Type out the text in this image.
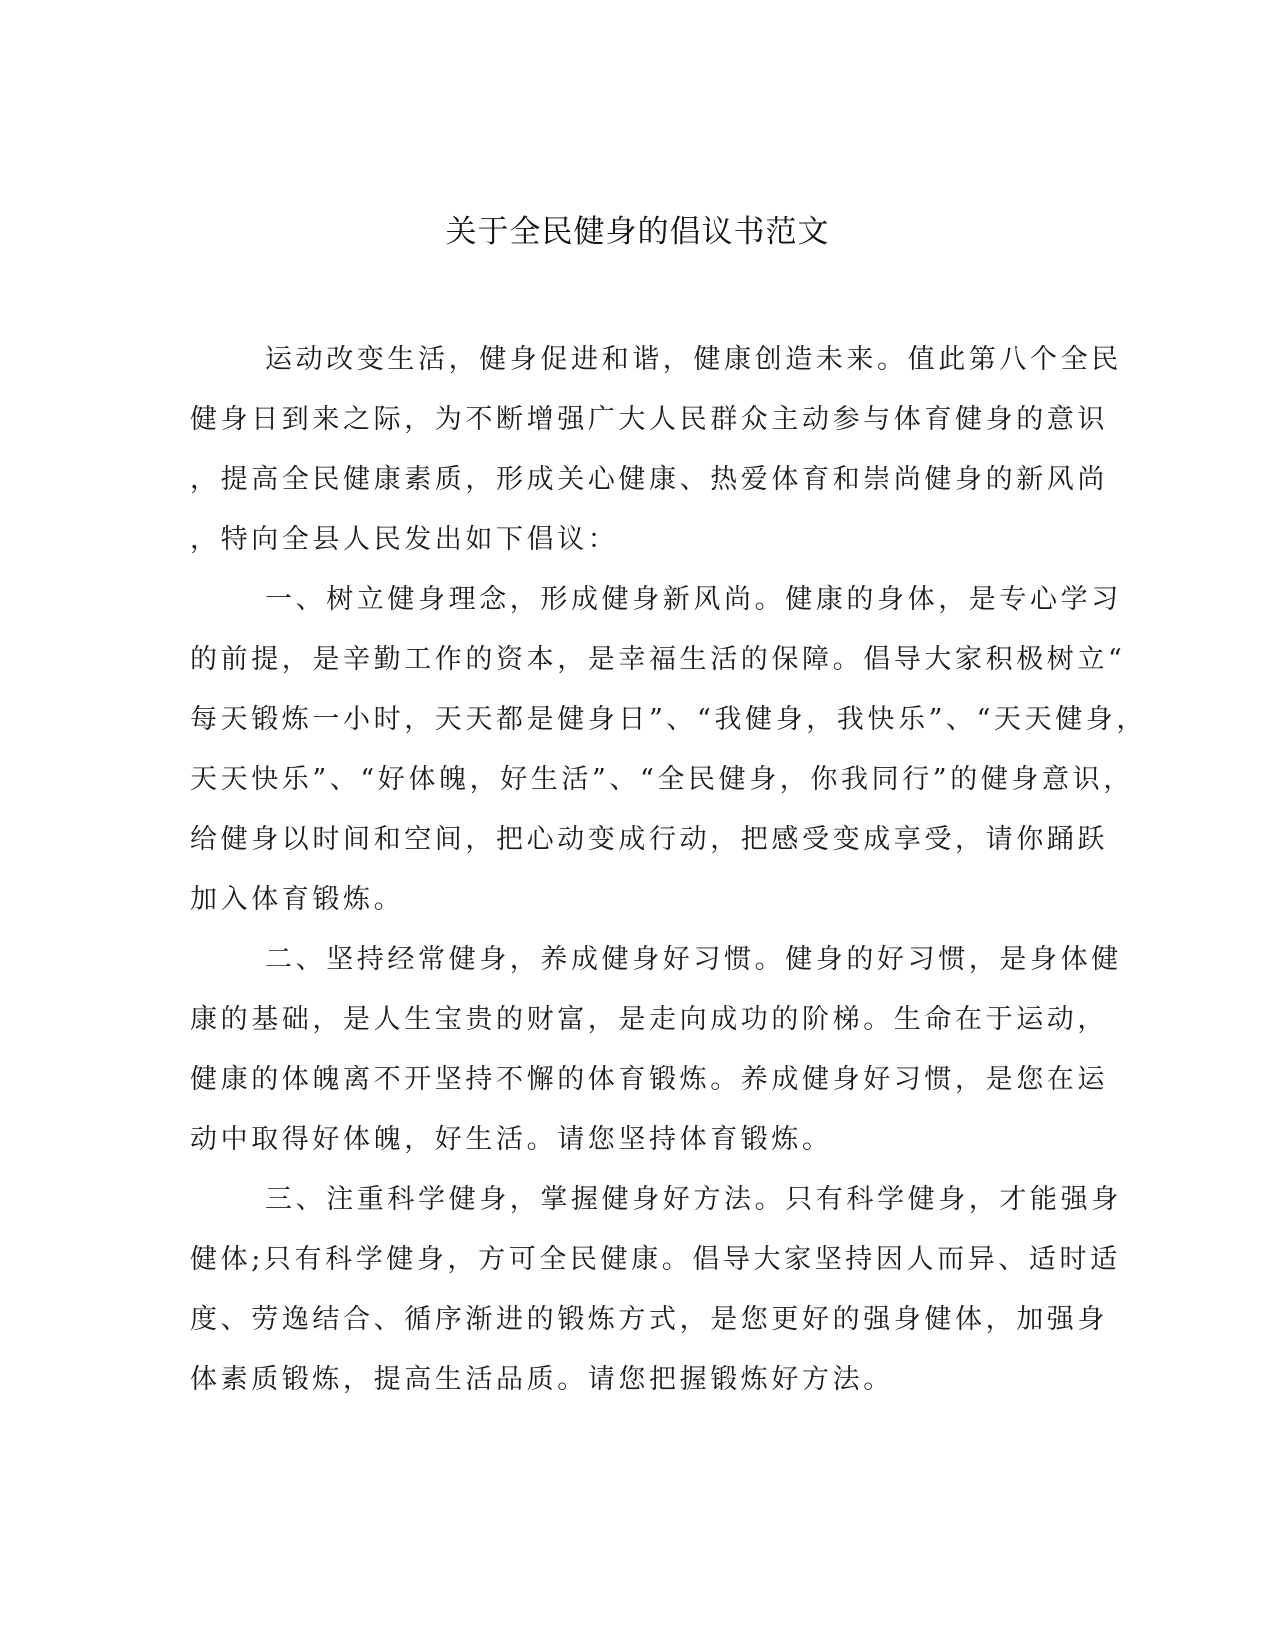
关于全民健身的倡议书范文

运动改变生活，健身促进和谐，健康创造未来。值此第八个全民
健身日到来之际，为不断增强广大人民群众主动参与体育健身的意识
，提高全民健康素质，形成关心健康、热爱体育和崇尚健身的新风尚
，特向全县人民发出如下倡议：

一、树立健身理念，形成健身新风尚。健康的身体，是专心学习
的前提，是辛勤工作的资本，是幸福生活的保障。倡导大家积极树立“
每天锻炼一小时，天天都是健身日”、“我健身，我快乐”、“天天健身，
天天快乐”、“好体魄，好生活”、“全民健身，你我同行”的健身意识，
给健身以时间和空间，把心动变成行动，把感受变成享受，请你踊跃
加入体育锻炼。

二、坚持经常健身，养成健身好习惯。健身的好习惯，是身体健
康的基础，是人生宝贵的财富，是走向成功的阶梯。生命在于运动，
健康的体魄离不开坚持不懈的体育锻炼。养成健身好习惯，是您在运
动中取得好体魄，好生活。请您坚持体育锻炼。

三、注重科学健身，掌握健身好方法。只有科学健身，才能强身
健体;只有科学健身，方可全民健康。倡导大家坚持因人而异、适时适
度、劳逸结合、循序渐进的锻炼方式，是您更好的强身健体，加强身
体素质锻炼，提高生活品质。请您把握锻炼好方法。
